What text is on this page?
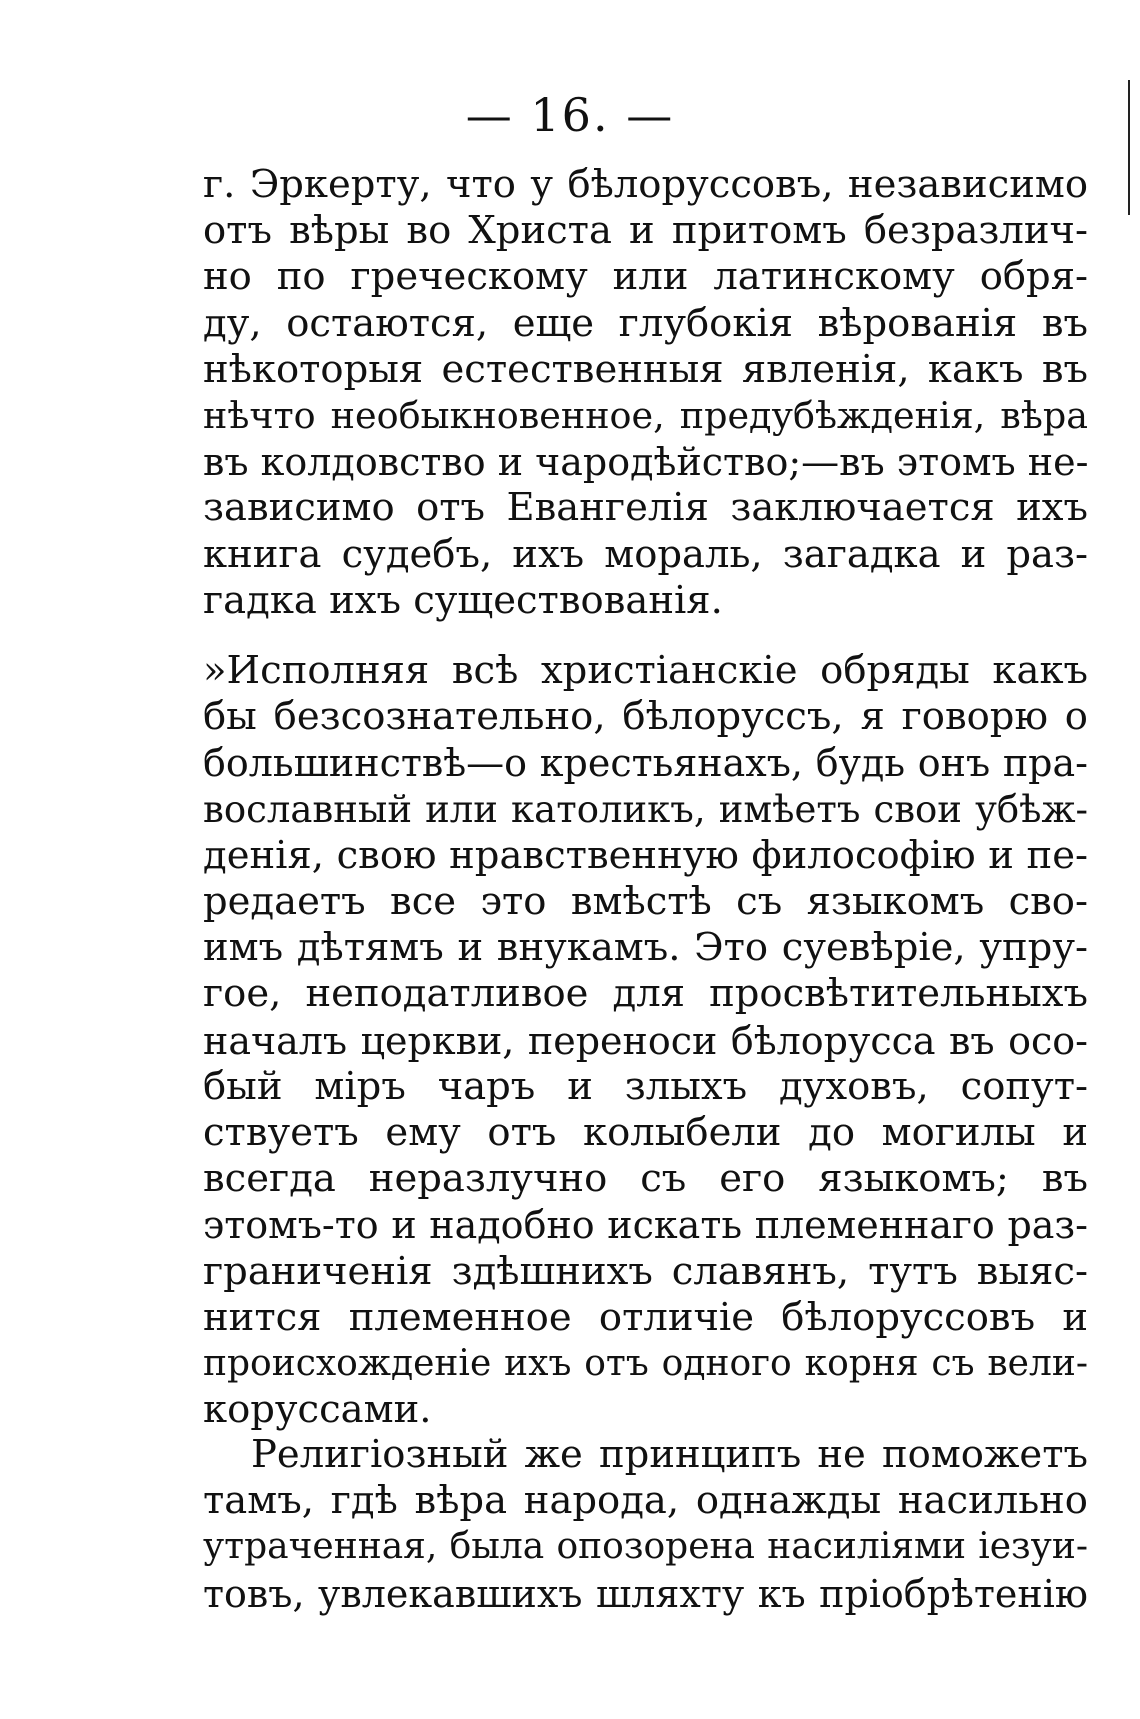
— 16. —
г. Эркерту, что у бѣлоруссовъ, независимо
отъ вѣры во Христа и притомъ безразлич-
но по греческому или латинскому обря-
ду, остаются, еще глубокія вѣрованія въ
нѣкоторыя естественныя явленія, какъ въ
нѣчто необыкновенное, предубѣжденія, вѣра
въ колдовство и чародѣйство;—въ этомъ не-
зависимо отъ Евангелія заключается ихъ
книга судебъ, ихъ мораль, загадка и раз-
гадка ихъ существованія.
»Исполняя всѣ христіанскіе обряды какъ
бы безсознательно, бѣлоруссъ, я говорю о
большинствѣ—о крестьянахъ, будь онъ пра-
вославный или католикъ, имѣетъ свои убѣж-
денія, свою нравственную философію и пе-
редаетъ все это вмѣстѣ съ языкомъ сво-
имъ дѣтямъ и внукамъ. Это суевѣріе, упру-
гое, неподатливое для просвѣтительныхъ
началъ церкви, переноси бѣлорусса въ осо-
бый міръ чаръ и злыхъ духовъ, сопут-
ствуетъ ему отъ колыбели до могилы и
всегда неразлучно съ его языкомъ; въ
этомъ-то и надобно искать племеннаго раз-
граниченія здѣшнихъ славянъ, тутъ выяс-
нится племенное отличіе бѣлоруссовъ и
происхожденіе ихъ отъ одного корня съ вели-
коруссами.
Религіозный же принципъ не поможетъ
тамъ, гдѣ вѣра народа, однажды насильно
утраченная, была опозорена насиліями іезуи-
товъ, увлекавшихъ шляхту къ пріобрѣтенію
